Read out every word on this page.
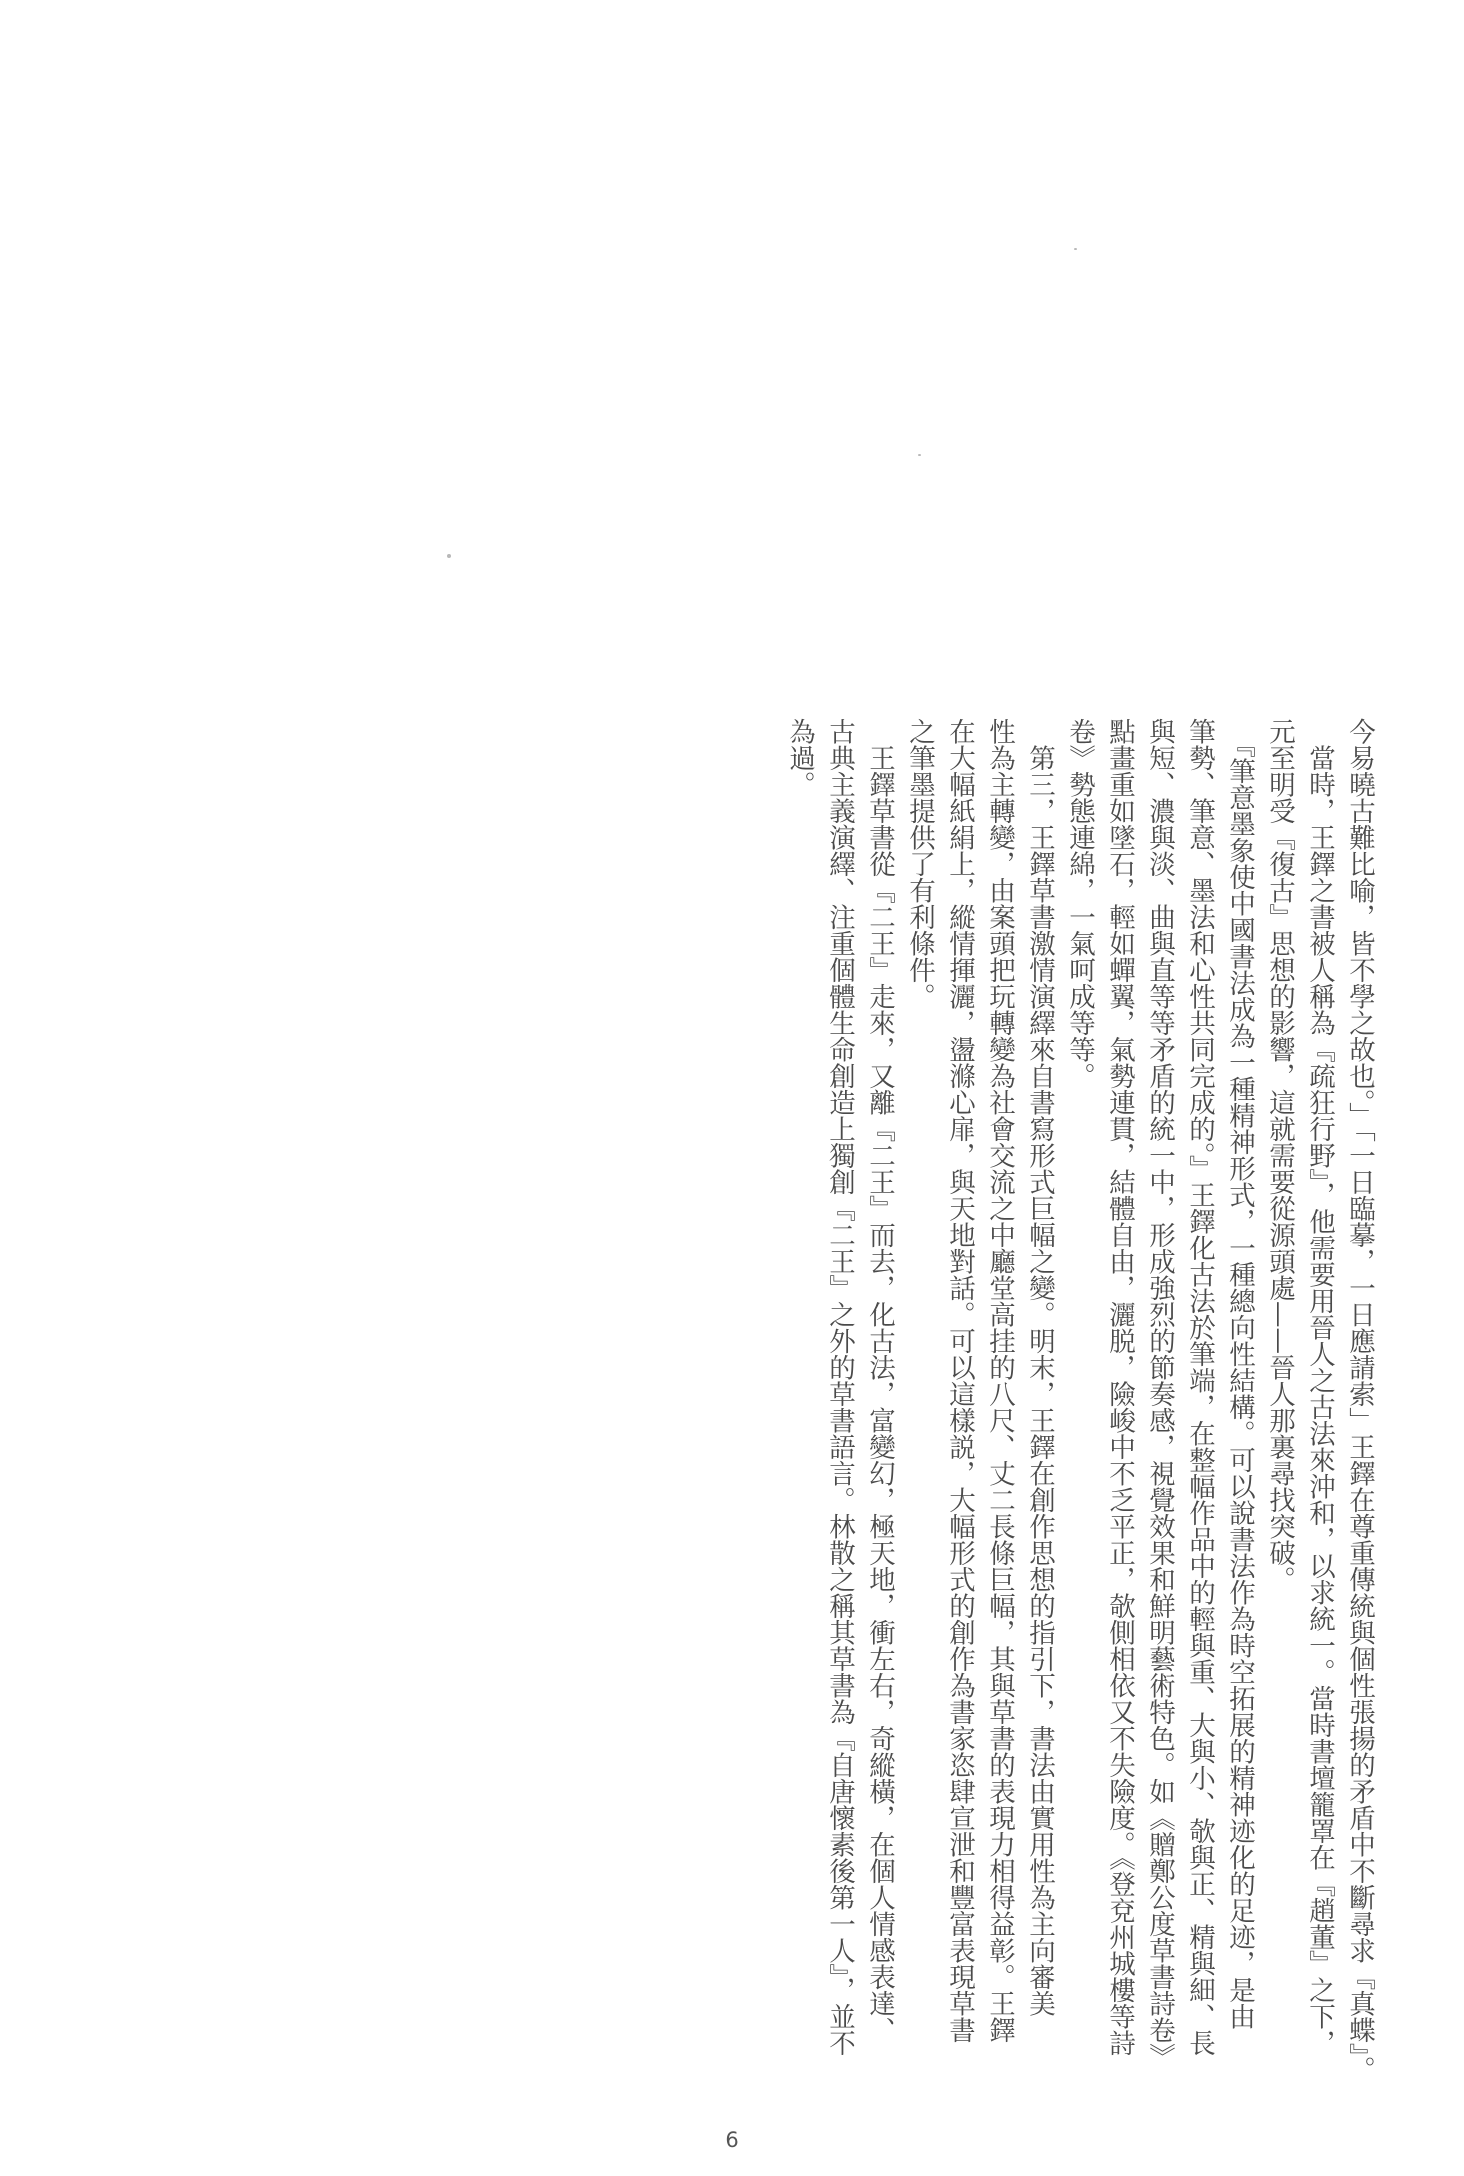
今易曉古難比喻，皆不學之故也。」「一日臨摹，一日應請索」王鐸在尊重傳統與個性張揚的矛盾中不斷尋求『真蝶』。

　當時，王鐸之書被人稱為『疏狂行野』，他需要用晉人之古法來沖和，以求統一。當時書壇籠罩在『趙董』之下，

元至明受『復古』思想的影響，這就需要從源頭處——晉人那裏尋找突破。

　『筆意墨象使中國書法成為一種精神形式，一種總向性結構。可以說書法作為時空拓展的精神迹化的足迹，是由

筆勢、筆意、墨法和心性共同完成的。』王鐸化古法於筆端，在整幅作品中的輕與重、大與小、欹與正、精與細、長

與短、濃與淡、曲與直等等矛盾的統一中，形成強烈的節奏感，視覺效果和鮮明藝術特色。如《贈鄭公度草書詩卷》

點畫重如墜石，輕如蟬翼，氣勢連貫，結體自由，灑脱，險峻中不乏平正，欹側相依又不失險度。《登兗州城樓等詩

卷》勢態連綿，一氣呵成等等。

　第三，王鐸草書激情演繹來自書寫形式巨幅之變。明末，王鐸在創作思想的指引下，書法由實用性為主向審美

性為主轉變，由案頭把玩轉變為社會交流之中廳堂高挂的八尺、丈二長條巨幅，其與草書的表現力相得益彰。王鐸

在大幅紙絹上，縱情揮灑，盪滌心扉，與天地對話。可以這樣説，大幅形式的創作為書家恣肆宣泄和豐富表現草書

之筆墨提供了有利條件。

　王鐸草書從『二王』走來，又離『二王』而去，化古法，富變幻，極天地，衝左右，奇縱橫，在個人情感表達、

古典主義演繹、注重個體生命創造上獨創『二王』之外的草書語言。林散之稱其草書為『自唐懷素後第一人』，並不

為過。

6
